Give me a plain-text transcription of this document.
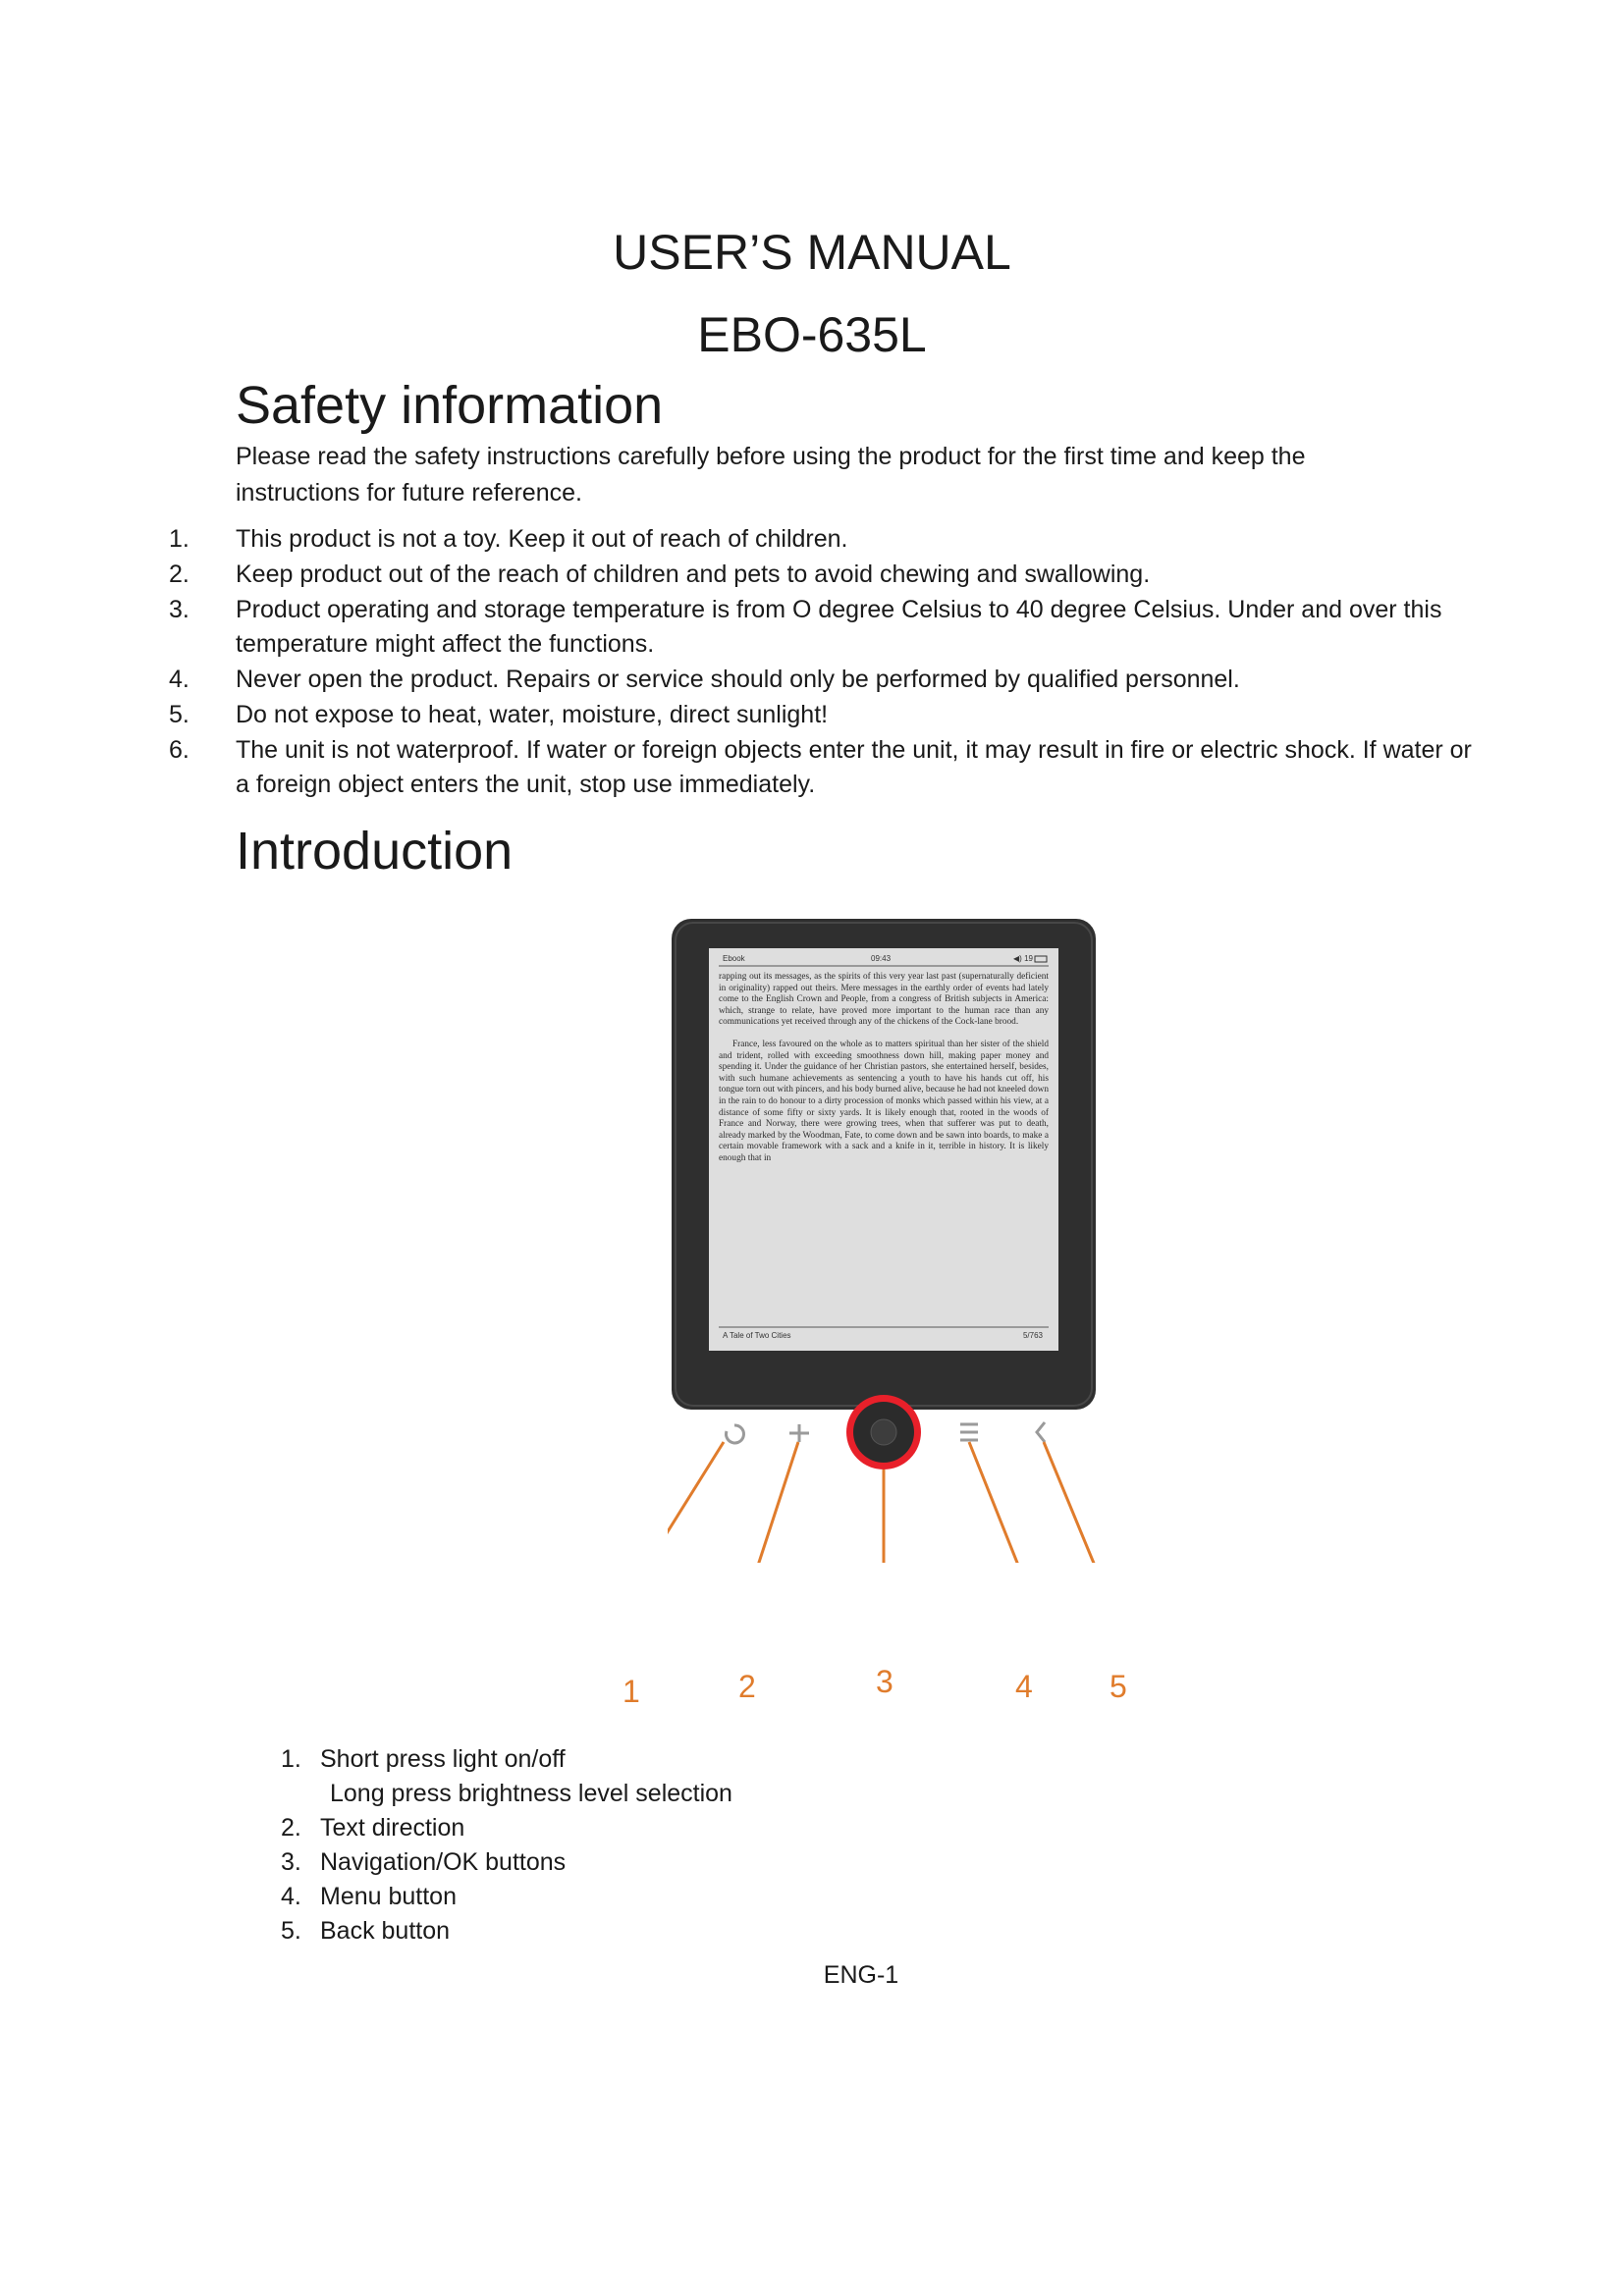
USER’S MANUAL
EBO-635L
Safety information

Please read the safety instructions carefully before using the product for the first time and keep the instructions for future reference.

1. This product is not a toy. Keep it out of reach of children.
2. Keep product out of the reach of children and pets to avoid chewing and swallowing.
3. Product operating and storage temperature is from O degree Celsius to 40 degree Celsius. Under and over this temperature might affect the functions.
4. Never open the product. Repairs or service should only be performed by qualified personnel.
5. Do not expose to heat, water, moisture, direct sunlight!
6. The unit is not waterproof. If water or foreign objects enter the unit, it may result in fire or electric shock. If water or a foreign object enters the unit, stop use immediately.
Introduction
Ebook	09:43	◀) 19

rapping out its messages, as the spirits of this very year last past (supernaturally deficient in originality) rapped out theirs. Mere messages in the earthly order of events had lately come to the English Crown and People, from a congress of British subjects in America: which, strange to relate, have proved more important to the human race than any communications yet received through any of the chickens of the Cock-lane brood.

France, less favoured on the whole as to matters spiritual than her sister of the shield and trident, rolled with exceeding smoothness down hill, making paper money and spending it. Under the guidance of her Christian pastors, she entertained herself, besides, with such humane achievements as sentencing a youth to have his hands cut off, his tongue torn out with pincers, and his body burned alive, because he had not kneeled down in the rain to do honour to a dirty procession of monks which passed within his view, at a distance of some fifty or sixty yards. It is likely enough that, rooted in the woods of France and Norway, there were growing trees, when that sufferer was put to death, already marked by the Woodman, Fate, to come down and be sawn into boards, to make a certain movable framework with a sack and a knife in it, terrible in history. It is likely enough that in

A Tale of Two Cities	5/763
1	2	3	4 5
1. Short press light on/off
Long press brightness level selection
2. Text direction
3. Navigation/OK buttons
4. Menu button
5. Back button
ENG-1
